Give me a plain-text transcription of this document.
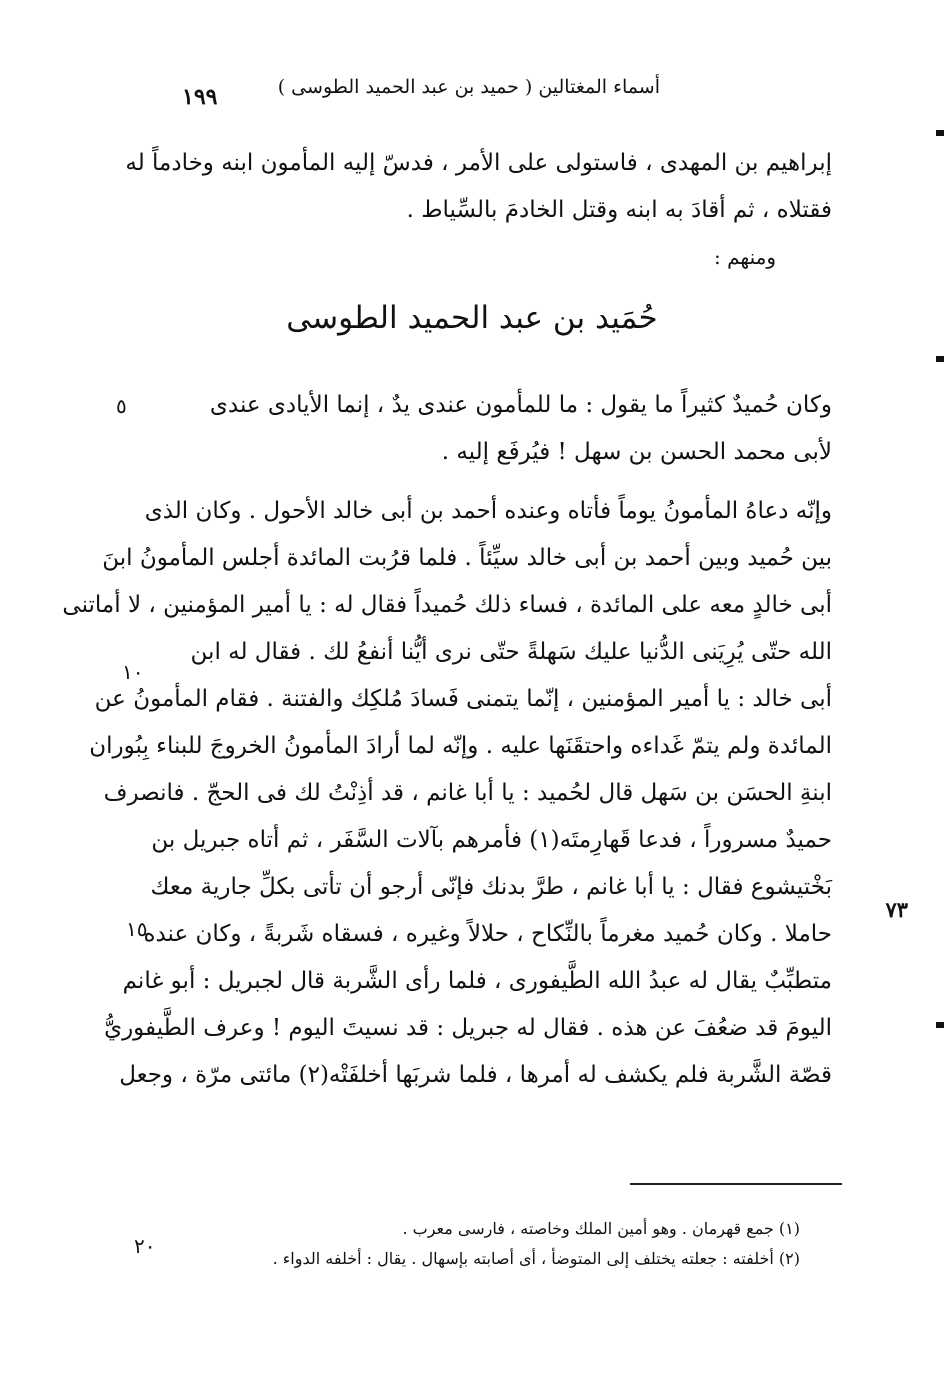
١٩٩	أسماء المغتالين ( حميد بن عبد الحميد الطوسى )
إبراهيم بن المهدى ، فاستولى على الأمر ، فدسّ إليه المأمون ابنه وخادماً له
فقتلاه ، ثم أقادَ به ابنه وقتل الخادمَ بالسِّياط .
ومنهم :
حُمَيد بن عبد الحميد الطوسى
وكان حُميدٌ كثيراً ما يقول : ما للمأمون عندى يدٌ ، إنما الأيادى عندى
لأبى محمد الحسن بن سهل ! فيُرفَع إليه .
وإنّه دعاهُ المأمونُ يوماً فأتاه وعنده أحمد بن أبى خالد الأحول . وكان الذى
بين حُميد وبين أحمد بن أبى خالد سيِّئاً . فلما قرُبت المائدة أجلس المأمونُ ابنَ
أبى خالدٍ معه على المائدة ، فساء ذلك حُميداً فقال له : يا أمير المؤمنين ، لا أماتنى
الله حتّى يُرِيَنى الدُّنيا عليك سَهلةً حتّى نرى أيُّنا أنفعُ لك . فقال له ابن
أبى خالد : يا أمير المؤمنين ، إنّما يتمنى فَسادَ مُلكِك والفتنة . فقام المأمونُ عن
المائدة ولم يتمّ غَداءه واحتقَنَها عليه . وإنّه لما أرادَ المأمونُ الخروجَ للبناء بِبُوران
ابنةِ الحسَن بن سَهل قال لحُميد : يا أبا غانم ، قد أذِنْتُ لك فى الحجّ . فانصرف
حميدٌ مسروراً ، فدعا قَهارِمتَه(١) فأمرهم بآلات السَّفَر ، ثم أتاه جبريل بن
بَخْتيشوع فقال : يا أبا غانم ، طرَّ بدنك فإنّى أرجو أن تأتى بكلِّ جارية معك
حاملا . وكان حُميد مغرماً بالنِّكاح ، حلالاً وغيره ، فسقاه شَربةً ، وكان عنده
متطبِّبٌ يقال له عبدُ الله الطَّيفورى ، فلما رأى الشَّربة قال لجبريل : أبو غانم
اليومَ قد ضعُفَ عن هذه . فقال له جبريل : قد نسيتَ اليوم ! وعرف الطَّيفوريُّ
قصّة الشَّربة فلم يكشف له أمرها ، فلما شربَها أخلفَتْه(٢) مائتى مرّة ، وجعل
٥
١٠
١٥
٢٠
٧٣
(١) جمع قهرمان . وهو أمين الملك وخاصته ، فارسى معرب .
(٢) أخلفته : جعلته يختلف إلى المتوضأ ، أى أصابته بإسهال . يقال : أخلفه الدواء .
